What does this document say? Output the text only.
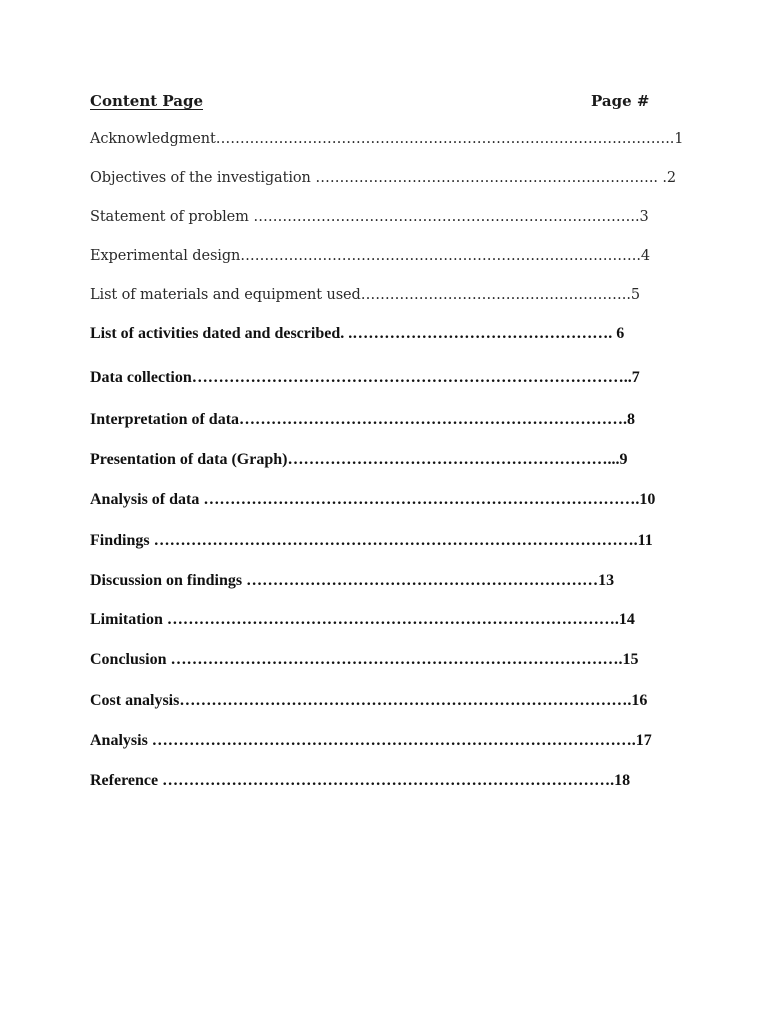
Content Page	Page #
Acknowledgment…………………………………………………………………………………..1
Objectives of the investigation …………………………………………………………….. .2
Statement of problem ……………………………………………………………………..3
Experimental design………………………………………………………………………..4
List of materials and equipment used………………………………………………..5
List of activities dated and described. .…………………………………………. 6
Data collection………………………………………………………………………..7
Interpretation of data……………………………………………………………….8
Presentation of data (Graph)……………………………………………………...9
Analysis of data ……………………………………………………………………….10
Findings ……………………………………………………………………………….11
Discussion on findings …………………………………………………………13
Limitation ………………………………………………………………………….14
Conclusion ………………………………………………………………………….15
Cost analysis………………………………………………………………………….16
Analysis ……………………………………………………………………………….17
Reference ………………………………………………………………………….18
